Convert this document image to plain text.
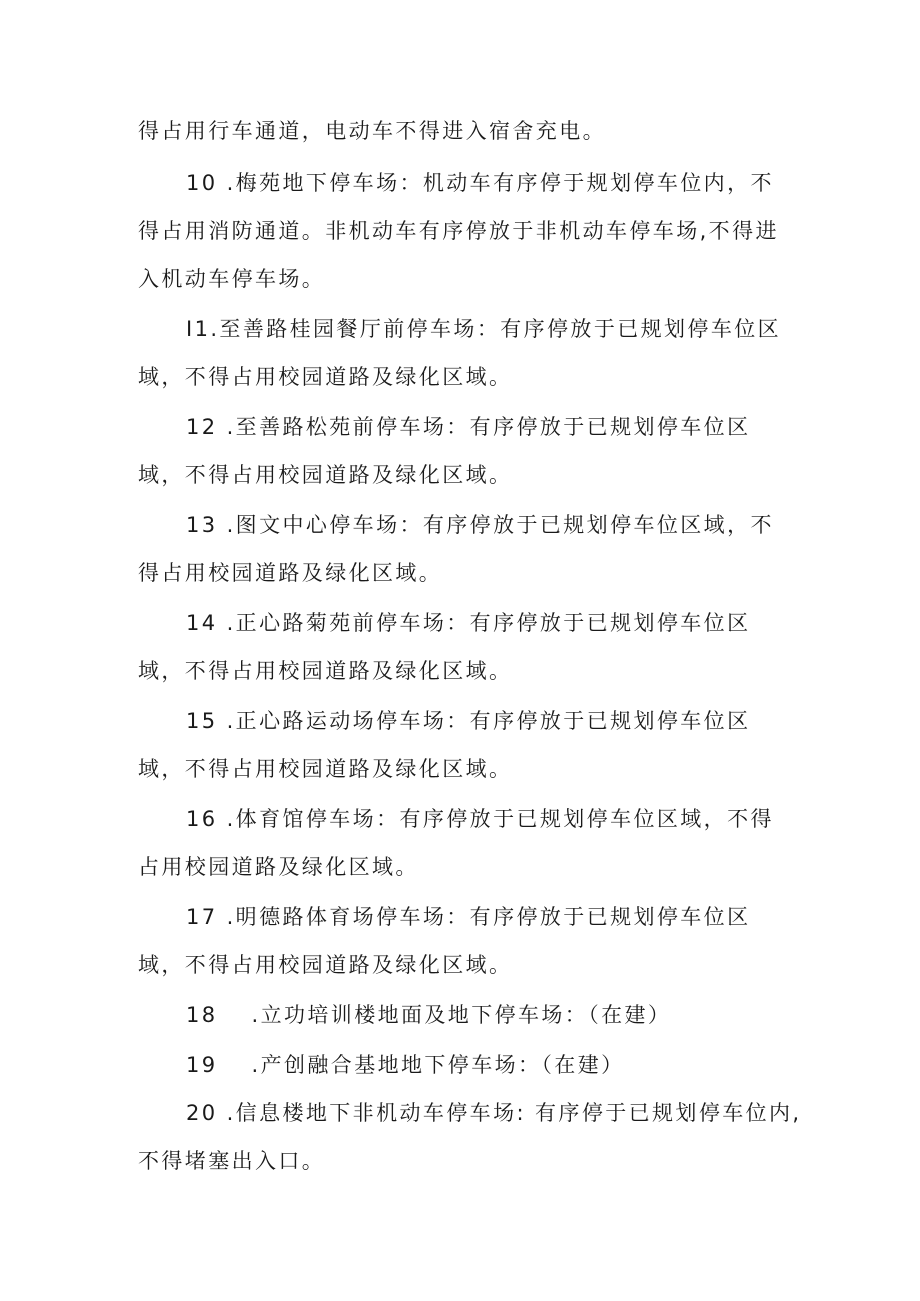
得占用行车通道，电动车不得进入宿舍充电。
10 .梅苑地下停车场：机动车有序停于规划停车位内，不
得占用消防通道。非机动车有序停放于非机动车停车场,不得进
入机动车停车场。
I1.至善路桂园餐厅前停车场：有序停放于已规划停车位区
域，不得占用校园道路及绿化区域。
12 .至善路松苑前停车场：有序停放于已规划停车位区
域，不得占用校园道路及绿化区域。
13 .图文中心停车场：有序停放于已规划停车位区域，不
得占用校园道路及绿化区域。
14 .正心路菊苑前停车场：有序停放于已规划停车位区
域，不得占用校园道路及绿化区域。
15 .正心路运动场停车场：有序停放于已规划停车位区
域，不得占用校园道路及绿化区域。
16 .体育馆停车场：有序停放于已规划停车位区域，不得
占用校园道路及绿化区域。
17 .明德路体育场停车场：有序停放于已规划停车位区
域，不得占用校园道路及绿化区域。
18 .立功培训楼地面及地下停车场：（在建）
19 .产创融合基地地下停车场：（在建）
20 .信息楼地下非机动车停车场: 有序停于已规划停车位内,
不得堵塞出入口。
